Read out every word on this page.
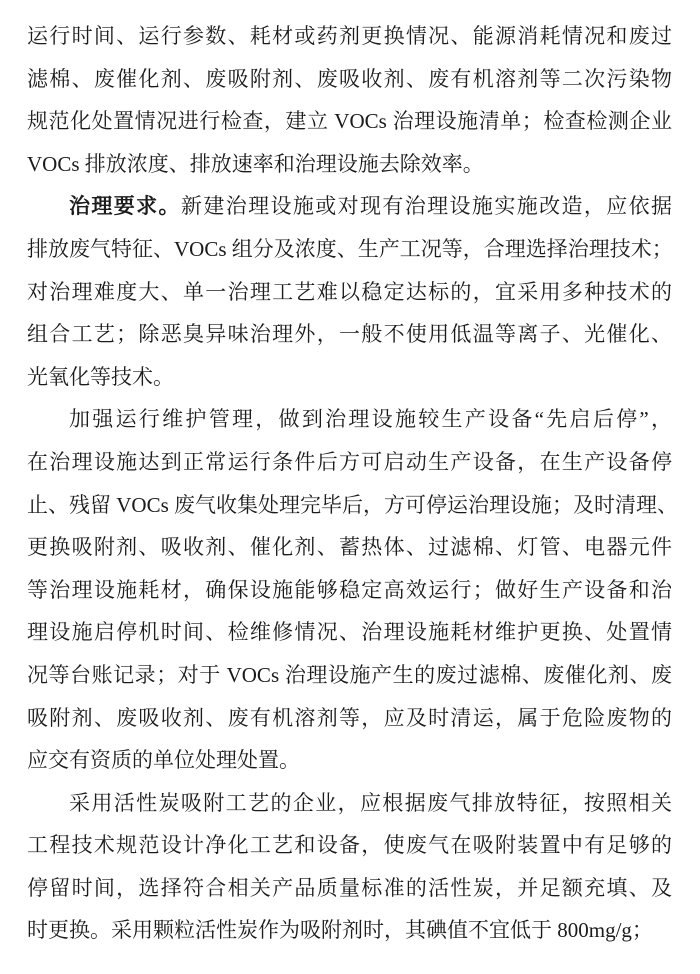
运行时间、运行参数、耗材或药剂更换情况、能源消耗情况和废过
滤棉、废催化剂、废吸附剂、废吸收剂、废有机溶剂等二次污染物
规范化处置情况进行检查，建立 VOCs 治理设施清单；检查检测企业
VOCs 排放浓度、排放速率和治理设施去除效率。
治理要求。新建治理设施或对现有治理设施实施改造，应依据
排放废气特征、VOCs 组分及浓度、生产工况等，合理选择治理技术；
对治理难度大、单一治理工艺难以稳定达标的，宜采用多种技术的
组合工艺；除恶臭异味治理外，一般不使用低温等离子、光催化、
光氧化等技术。
加强运行维护管理，做到治理设施较生产设备“先启后停”，
在治理设施达到正常运行条件后方可启动生产设备，在生产设备停
止、残留 VOCs 废气收集处理完毕后，方可停运治理设施；及时清理、
更换吸附剂、吸收剂、催化剂、蓄热体、过滤棉、灯管、电器元件
等治理设施耗材，确保设施能够稳定高效运行；做好生产设备和治
理设施启停机时间、检维修情况、治理设施耗材维护更换、处置情
况等台账记录；对于 VOCs 治理设施产生的废过滤棉、废催化剂、废
吸附剂、废吸收剂、废有机溶剂等，应及时清运，属于危险废物的
应交有资质的单位处理处置。
采用活性炭吸附工艺的企业，应根据废气排放特征，按照相关
工程技术规范设计净化工艺和设备，使废气在吸附装置中有足够的
停留时间，选择符合相关产品质量标准的活性炭，并足额充填、及
时更换。采用颗粒活性炭作为吸附剂时，其碘值不宜低于 800mg/g；
